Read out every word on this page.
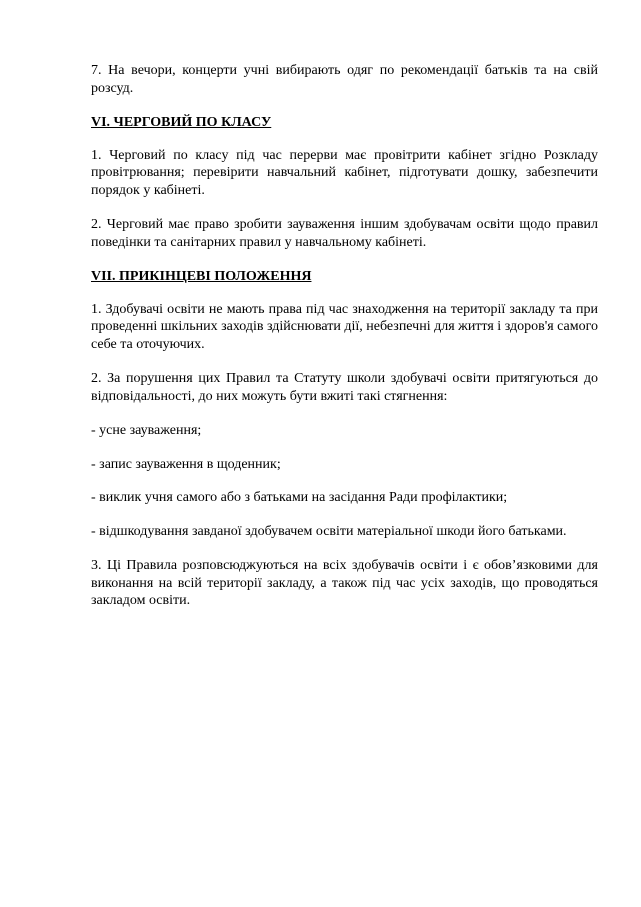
7. На вечори, концерти учні вибирають одяг по рекомендації батьків та на свій розсуд.

VI. ЧЕРГОВИЙ ПО КЛАСУ

1. Черговий по класу під час перерви має провітрити кабінет згідно Розкладу провітрювання; перевірити навчальний кабінет, підготувати дошку, забезпечити порядок у кабінеті.

2. Черговий має право зробити зауваження іншим здобувачам освіти щодо правил поведінки та санітарних правил у навчальному кабінеті.

VII. ПРИКІНЦЕВІ ПОЛОЖЕННЯ

1. Здобувачі освіти не мають права під час знаходження на території закладу та при проведенні шкільних заходів здійснювати дії, небезпечні для життя і здоров'я самого себе та оточуючих.

2. За порушення цих Правил та Статуту школи здобувачі освіти притягуються до відповідальності, до них можуть бути вжиті такі стягнення:

- усне зауваження;

- запис зауваження в щоденник;

- виклик учня самого або з батьками на засідання Ради профілактики;

- відшкодування завданої здобувачем освіти матеріальної шкоди його батьками.

3. Ці Правила розповсюджуються на всіх здобувачів освіти і є обов’язковими для виконання на всій території закладу, а також під час усіх заходів, що проводяться закладом освіти.
